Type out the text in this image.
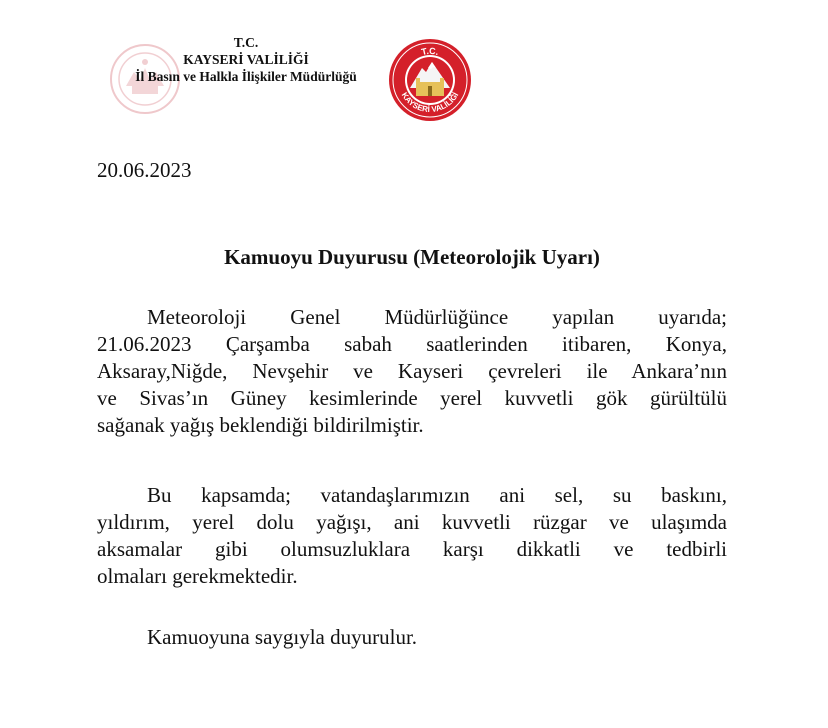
T.C.
KAYSERİ VALİLİĞİ
İl Basın ve Halkla İlişkiler Müdürlüğü
T.C.
KAYSERİ VALİLİĞİ
20.06.2023
Kamuoyu Duyurusu (Meteorolojik Uyarı)
Meteoroloji Genel Müdürlüğünce yapılan uyarıda;
21.06.2023 Çarşamba sabah saatlerinden itibaren, Konya,
Aksaray,Niğde, Nevşehir ve Kayseri çevreleri ile Ankara’nın
ve Sivas’ın Güney kesimlerinde yerel kuvvetli gök gürültülü
sağanak yağış beklendiği bildirilmiştir.
Bu kapsamda; vatandaşlarımızın ani sel, su baskını,
yıldırım, yerel dolu yağışı, ani kuvvetli rüzgar ve ulaşımda
aksamalar gibi olumsuzluklara karşı dikkatli ve tedbirli
olmaları gerekmektedir.
Kamuoyuna saygıyla duyurulur.
